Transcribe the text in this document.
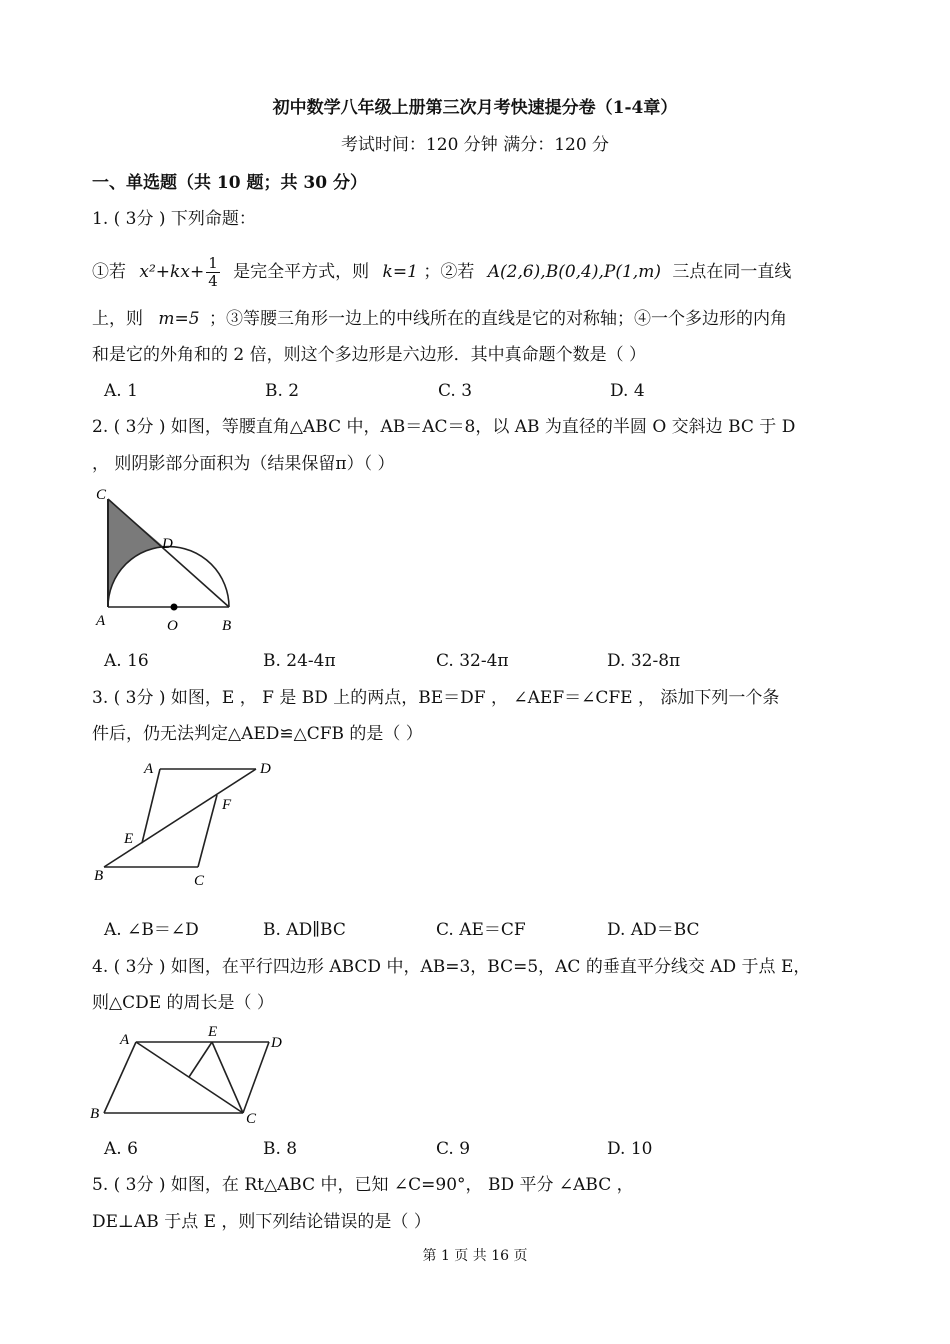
初中数学八年级上册第三次月考快速提分卷（1-4章）
考试时间：120 分钟 满分：120 分
一、单选题（共 10 题；共 30 分）
1. ( 3分 ) 下列命题：
①若 $x^2+kx+ \frac{1}{4}$ 是完全平方式，则 k=1 ；②若 A(2,6),B(0,4),P(1,m) 三点在同一直线
上，则 m=5 ；③等腰三角形一边上的中线所在的直线是它的对称轴；④一个多边形的内角
和是它的外角和的 2 倍，则这个多边形是六边形．其中真命题个数是（ ）
A. 1	B. 2	C. 3	D. 4
2. ( 3分 ) 如图，等腰直角△ABC 中，AB＝AC＝8，以 AB 为直径的半圆 O 交斜边 BC 于 D
， 则阴影部分面积为（结果保留π）（ ）
C
D
A	O	B
A. 16	B. 24-4π	C. 32-4π	D. 32-8π
3. ( 3分 ) 如图，E ， F 是 BD 上的两点，BE＝DF ， ∠AEF＝∠CFE ， 添加下列一个条
件后，仍无法判定△AED≌△CFB 的是（ ）
A	D
F
E
B	C
A. ∠B＝∠D	B. AD∥BC	C. AE＝CF	D. AD＝BC
4. ( 3分 ) 如图，在平行四边形 ABCD 中，AB=3，BC=5，AC 的垂直平分线交 AD 于点 E，
则△CDE 的周长是（ ）
A	E
D
B	C
A. 6	B. 8	C. 9	D. 10
5. ( 3分 ) 如图，在 Rt△ABC 中，已知 ∠C=90°， BD 平分 ∠ABC ，
DE⊥AB 于点 E ，则下列结论错误的是（ ）
第 1 页 共 16 页
